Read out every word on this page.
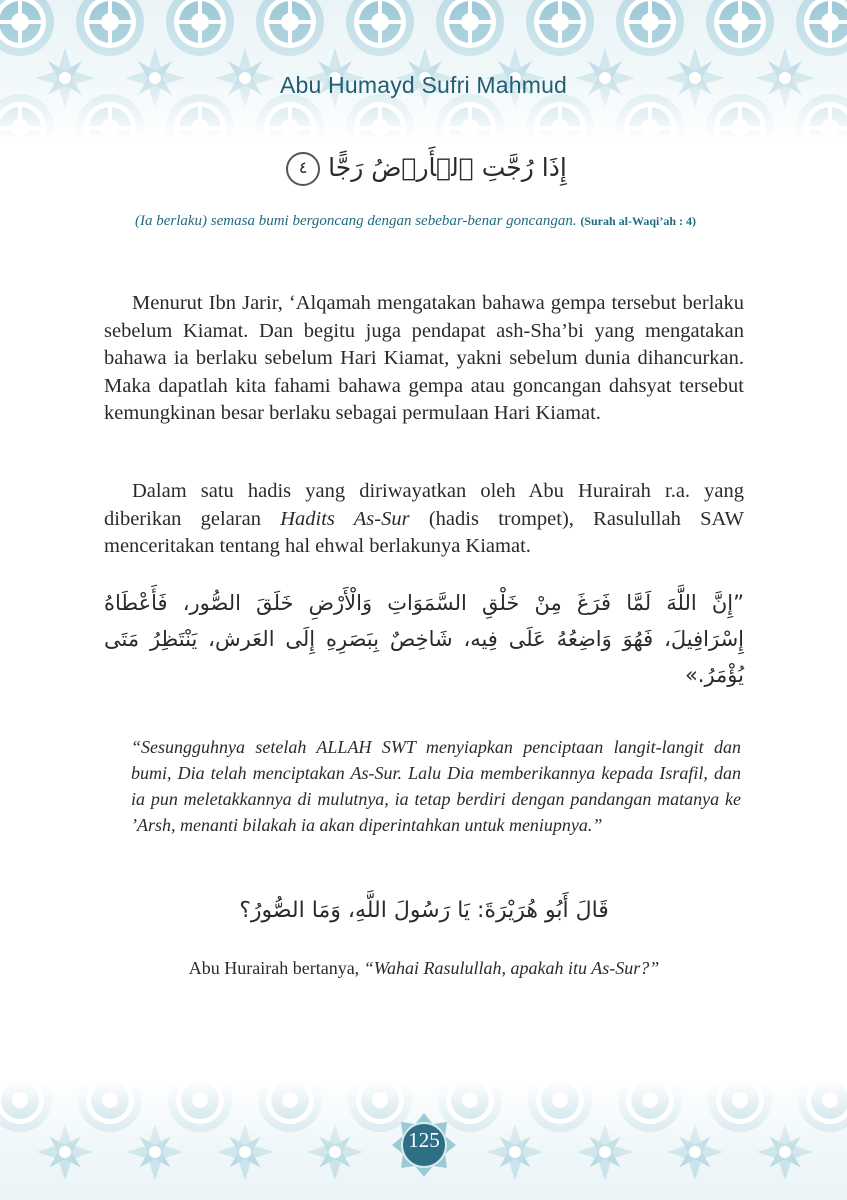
Abu Humayd Sufri Mahmud
إِذَا رُجَّتِ ٱلۡأَرۡضُ رَجًّا ٤
(Ia berlaku) semasa bumi bergoncang dengan sebebar-benar goncangan. (Surah al-Waqi’ah : 4)

Menurut Ibn Jarir, ‘Alqamah mengatakan bahawa gempa tersebut berlaku sebelum Kiamat. Dan begitu juga pendapat ash-Sha’bi yang mengatakan bahawa ia berlaku sebelum Hari Kiamat, yakni sebelum dunia dihancurkan. Maka dapatlah kita fahami bahawa gempa atau goncangan dahsyat tersebut kemungkinan besar berlaku sebagai permulaan Hari Kiamat.

Dalam satu hadis yang diriwayatkan oleh Abu Hurairah r.a. yang diberikan gelaran Hadits As-Sur (hadis trompet), Rasulullah SAW menceritakan tentang hal ehwal berlakunya Kiamat.

”إِنَّ اللَّهَ لَمَّا فَرَغَ مِنْ خَلْقِ السَّمَوَاتِ وَالْأَرْضِ خَلَقَ الصُّور، فَأَعْطَاهُ إِسْرَافِيلَ، فَهُوَ وَاضِعُهُ عَلَى فِيه، شَاخِصٌ بِبَصَرِهِ إِلَى العَرش، يَنْتَظِرُ مَتَى يُؤْمَرُ.»
“Sesungguhnya setelah ALLAH SWT menyiapkan penciptaan langit-langit dan bumi, Dia telah menciptakan As-Sur. Lalu Dia memberikannya kepada Israfil, dan ia pun meletakkannya di mulutnya, ia tetap berdiri dengan pandangan matanya ke ’Arsh, menanti bilakah ia akan diperintahkan untuk meniupnya.”
قَالَ أَبُو هُرَيْرَةَ: يَا رَسُولَ اللَّهِ، وَمَا الصُّورُ؟
Abu Hurairah bertanya, “Wahai Rasulullah, apakah itu As-Sur?”
125
